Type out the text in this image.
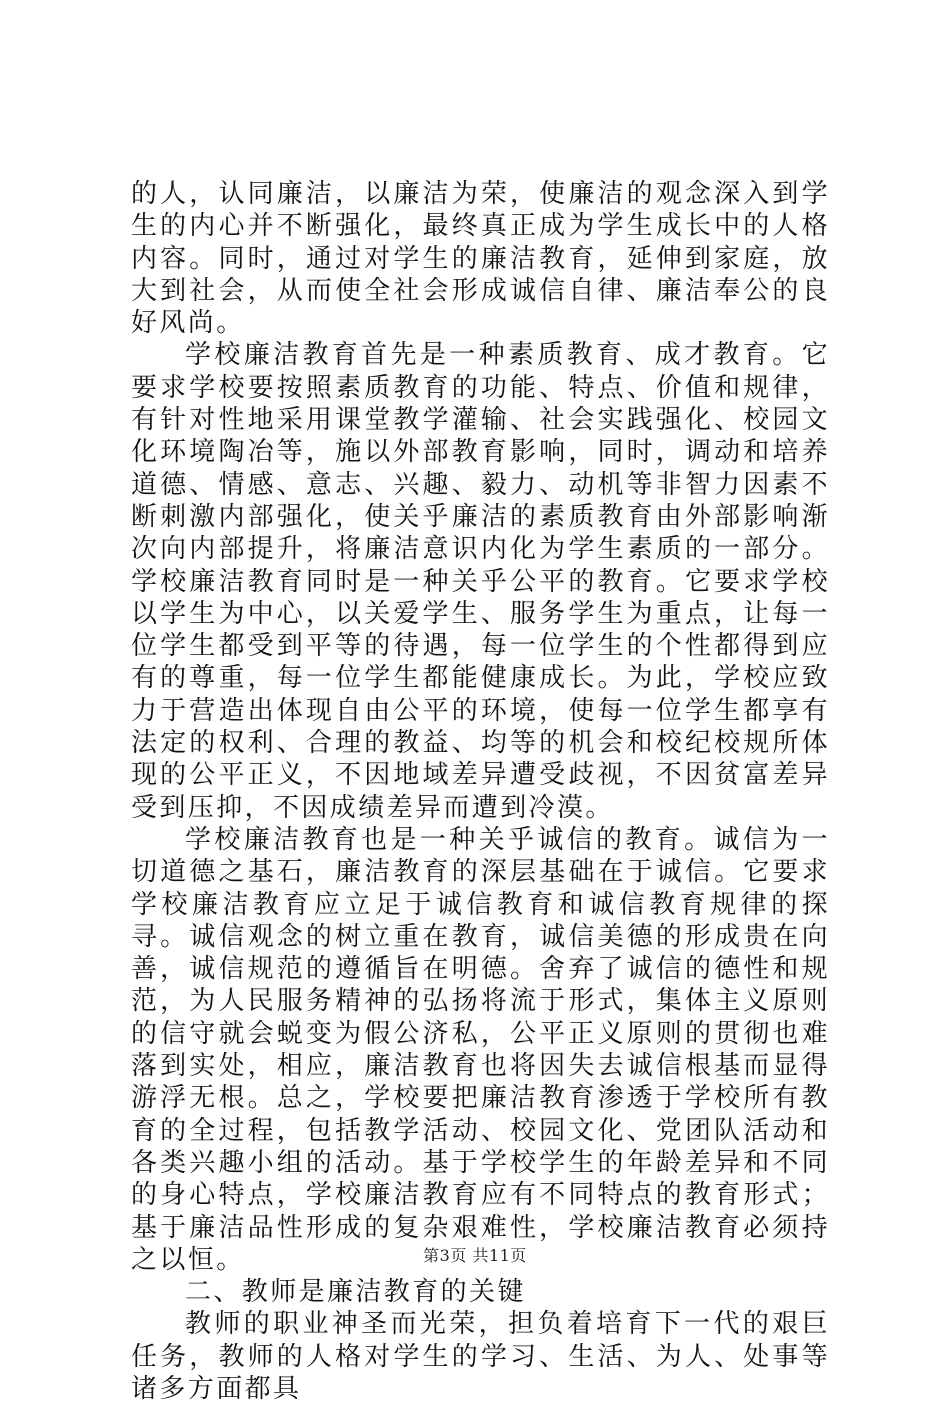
的人，认同廉洁，以廉洁为荣，使廉洁的观念深入到学生的内心并不断强化，最终真正成为学生成长中的人格内容。同时，通过对学生的廉洁教育，延伸到家庭，放大到社会，从而使全社会形成诚信自律、廉洁奉公的良好风尚。

学校廉洁教育首先是一种素质教育、成才教育。它要求学校要按照素质教育的功能、特点、价值和规律，有针对性地采用课堂教学灌输、社会实践强化、校园文化环境陶冶等，施以外部教育影响，同时，调动和培养道德、情感、意志、兴趣、毅力、动机等非智力因素不断刺激内部强化，使关乎廉洁的素质教育由外部影响渐次向内部提升，将廉洁意识内化为学生素质的一部分。学校廉洁教育同时是一种关乎公平的教育。它要求学校以学生为中心，以关爱学生、服务学生为重点，让每一位学生都受到平等的待遇，每一位学生的个性都得到应有的尊重，每一位学生都能健康成长。为此，学校应致力于营造出体现自由公平的环境，使每一位学生都享有法定的权利、合理的教益、均等的机会和校纪校规所体现的公平正义，不因地域差异遭受歧视，不因贫富差异受到压抑，不因成绩差异而遭到冷漠。

学校廉洁教育也是一种关乎诚信的教育。诚信为一切道德之基石，廉洁教育的深层基础在于诚信。它要求学校廉洁教育应立足于诚信教育和诚信教育规律的探寻。诚信观念的树立重在教育，诚信美德的形成贵在向善，诚信规范的遵循旨在明德。舍弃了诚信的德性和规范，为人民服务精神的弘扬将流于形式，集体主义原则的信守就会蜕变为假公济私，公平正义原则的贯彻也难落到实处，相应，廉洁教育也将因失去诚信根基而显得游浮无根。总之，学校要把廉洁教育渗透于学校所有教育的全过程，包括教学活动、校园文化、党团队活动和各类兴趣小组的活动。基于学校学生的年龄差异和不同的身心特点，学校廉洁教育应有不同特点的教育形式；基于廉洁品性形成的复杂艰难性，学校廉洁教育必须持之以恒。

二、教师是廉洁教育的关键

教师的职业神圣而光荣，担负着培育下一代的艰巨任务，教师的人格对学生的学习、生活、为人、处事等诸多方面都具

第3页 共11页
